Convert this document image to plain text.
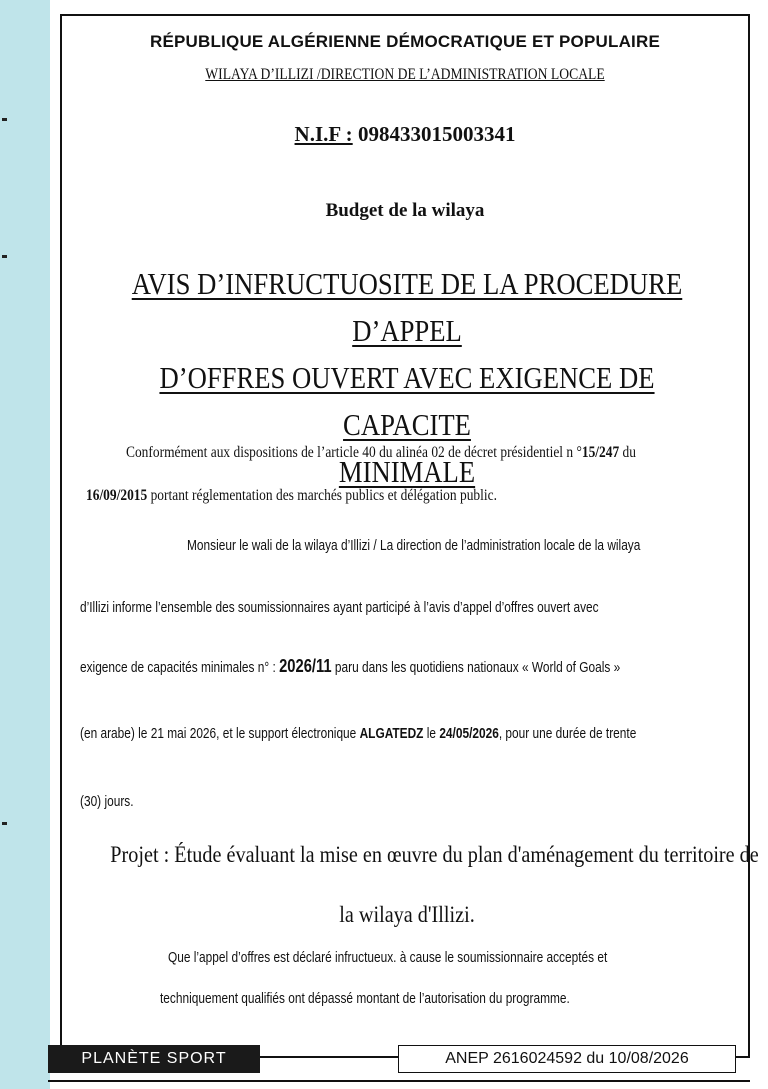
RÉPUBLIQUE ALGÉRIENNE DÉMOCRATIQUE ET POPULAIRE
WILAYA D’ILLIZI /DIRECTION DE L’ADMINISTRATION LOCALE
N.I.F : 098433015003341
Budget de la wilaya
AVIS D’INFRUCTUOSITE DE LA PROCEDURE D’APPEL
D’OFFRES OUVERT AVEC EXIGENCE DE CAPACITE
MINIMALE
Conformément aux dispositions de l’article 40 du alinéa 02 de décret présidentiel n °15/247 du
16/09/2015 portant réglementation des marchés publics et délégation public.
Monsieur le wali de la wilaya d’Illizi / La direction de l’administration locale de la wilaya
d’Illizi informe l’ensemble des soumissionnaires ayant participé à l’avis d’appel d’offres ouvert avec
exigence de capacités minimales n° : 2026/11 paru dans les quotidiens nationaux « World of Goals »
(en arabe) le 21 mai 2026, et le support électronique ALGATEDZ le 24/05/2026, pour une durée de trente
(30) jours.
Projet : Étude évaluant la mise en œuvre du plan d'aménagement du territoire de
la wilaya d'Illizi.
Que l’appel d’offres est déclaré infructueux. à cause le soumissionnaire acceptés et
techniquement qualifiés ont dépassé montant de l’autorisation du programme.
PLANÈTE SPORT	ANEP 2616024592 du 10/08/2026
